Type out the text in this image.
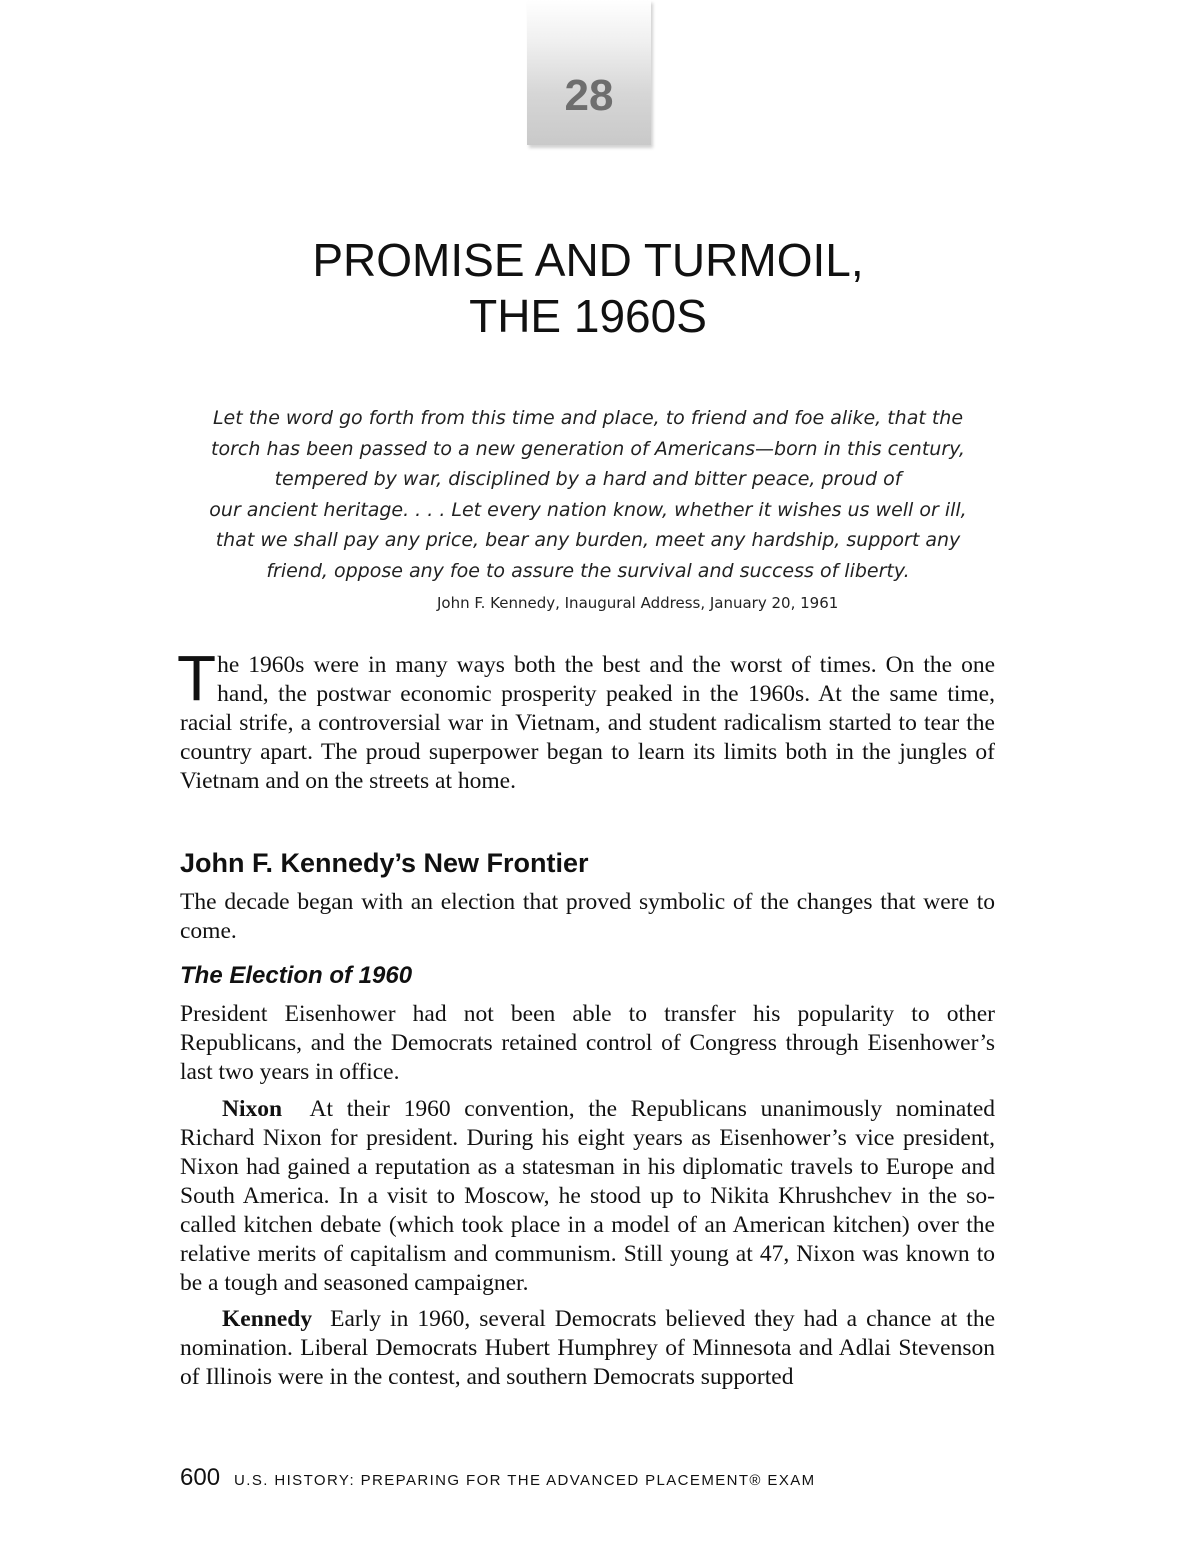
28
PROMISE AND TURMOIL,
THE 1960S
Let the word go forth from this time and place, to friend and foe alike, that the
torch has been passed to a new generation of Americans—born in this century,
tempered by war, disciplined by a hard and bitter peace, proud of
our ancient heritage. . . . Let every nation know, whether it wishes us well or ill,
that we shall pay any price, bear any burden, meet any hardship, support any
friend, oppose any foe to assure the survival and success of liberty.
John F. Kennedy, Inaugural Address, January 20, 1961

The 1960s were in many ways both the best and the worst of times. On the one hand, the postwar economic prosperity peaked in the 1960s. At the same time, racial strife, a controversial war in Vietnam, and student radicalism started to tear the country apart. The proud superpower began to learn its limits both in the jungles of Vietnam and on the streets at home.

John F. Kennedy’s New Frontier

The decade began with an election that proved symbolic of the changes that were to come.

The Election of 1960

President Eisenhower had not been able to transfer his popularity to other Republicans, and the Democrats retained control of Congress through Eisenhower’s last two years in office.

Nixon At their 1960 convention, the Republicans unanimously nominated Richard Nixon for president. During his eight years as Eisenhower’s vice president, Nixon had gained a reputation as a statesman in his diplomatic travels to Europe and South America. In a visit to Moscow, he stood up to Nikita Khrushchev in the so-called kitchen debate (which took place in a model of an American kitchen) over the relative merits of capitalism and communism. Still young at 47, Nixon was known to be a tough and seasoned campaigner.

Kennedy Early in 1960, several Democrats believed they had a chance at the nomination. Liberal Democrats Hubert Humphrey of Minnesota and Adlai Stevenson of Illinois were in the contest, and southern Democrats supported

600 U.S. HISTORY: PREPARING FOR THE ADVANCED PLACEMENT® EXAM
